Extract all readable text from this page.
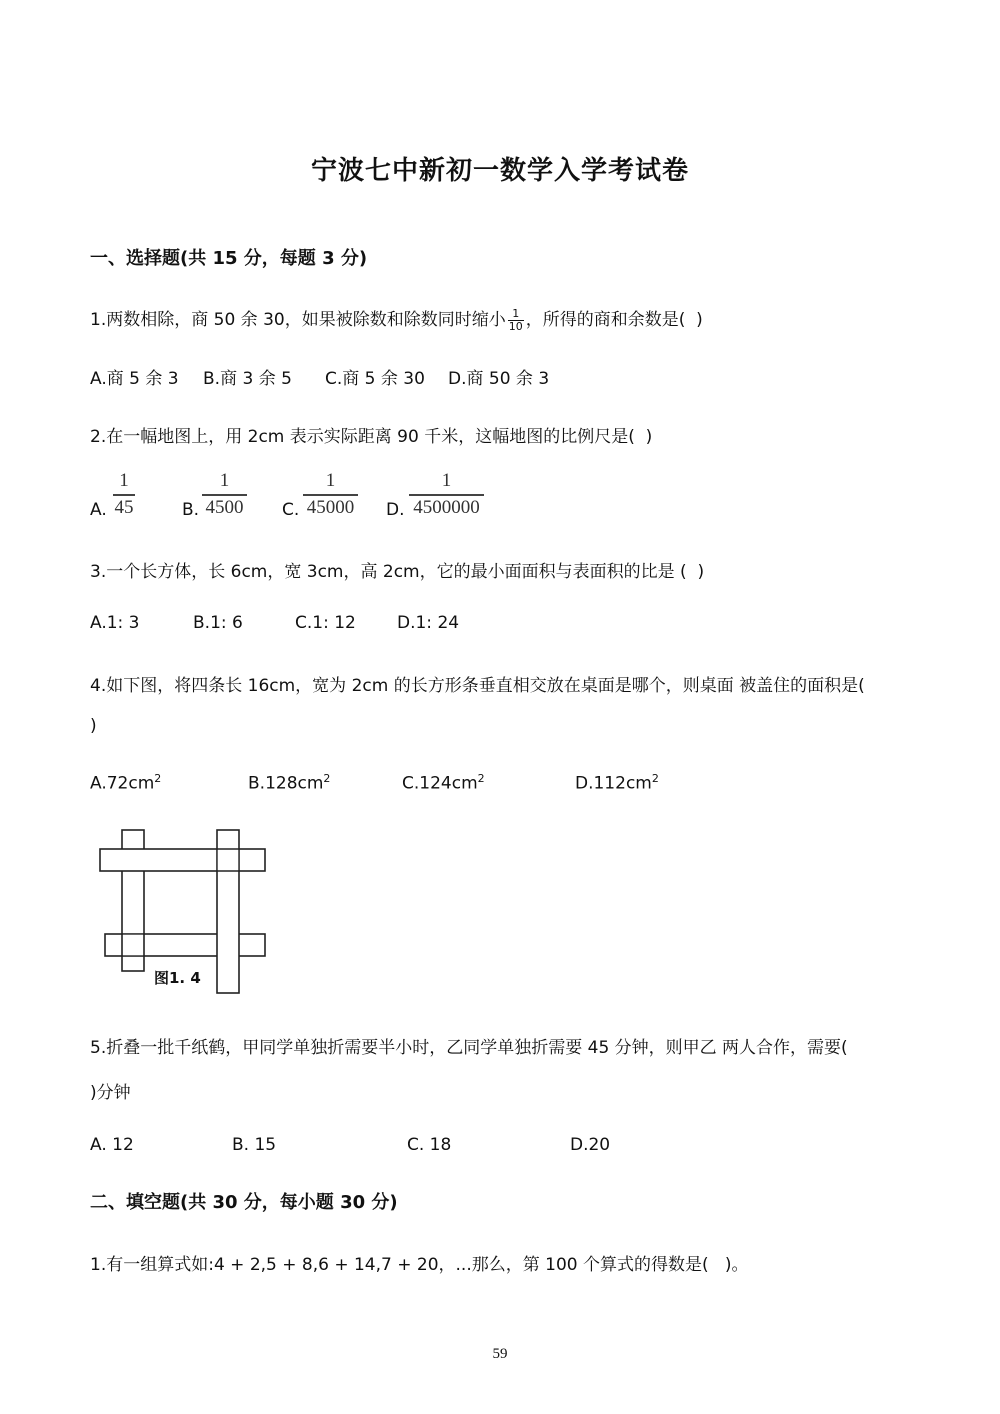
宁波七中新初一数学入学考试卷
一、选择题(共 15 分，每题 3 分)
1.两数相除，商 50 余 30，如果被除数和除数同时缩小 $\frac{1}{10}$ ，所得的商和余数是(  )
A.商 5 余 3 B.商 3 余 5 C.商 5 余 30 D.商 50 余 3
2.在一幅地图上，用 2cm 表示实际距离 90 千米，这幅地图的比例尺是(  )
A.
1
45	B.
1
4500 C.
1
45000 D.
1
4500000
3.一个长方体，长 6cm，宽 3cm，高 2cm，它的最小面面积与表面积的比是 (  )
A.1: 3	B.1: 6	C.1: 12 D.1: 24
4.如下图，将四条长 16cm，宽为 2cm 的长方形条垂直相交放在桌面是哪个，则桌面 被盖住的面积是(
)
$A.72cm^2$	$B.128cm^2$	$C.124cm^2$	$D.112cm^2$
图1. 4
5.折叠一批千纸鹤，甲同学单独折需要半小时，乙同学单独折需要 45 分钟，则甲乙 两人合作，需要(
)分钟
A. 12	B. 15	C. 18	D.20
二、填空题(共 30 分，每小题 30 分)
1.有一组算式如:4 + 2,5 + 8,6 + 14,7 + 20，...那么，第 100 个算式的得数是(   )。
59
